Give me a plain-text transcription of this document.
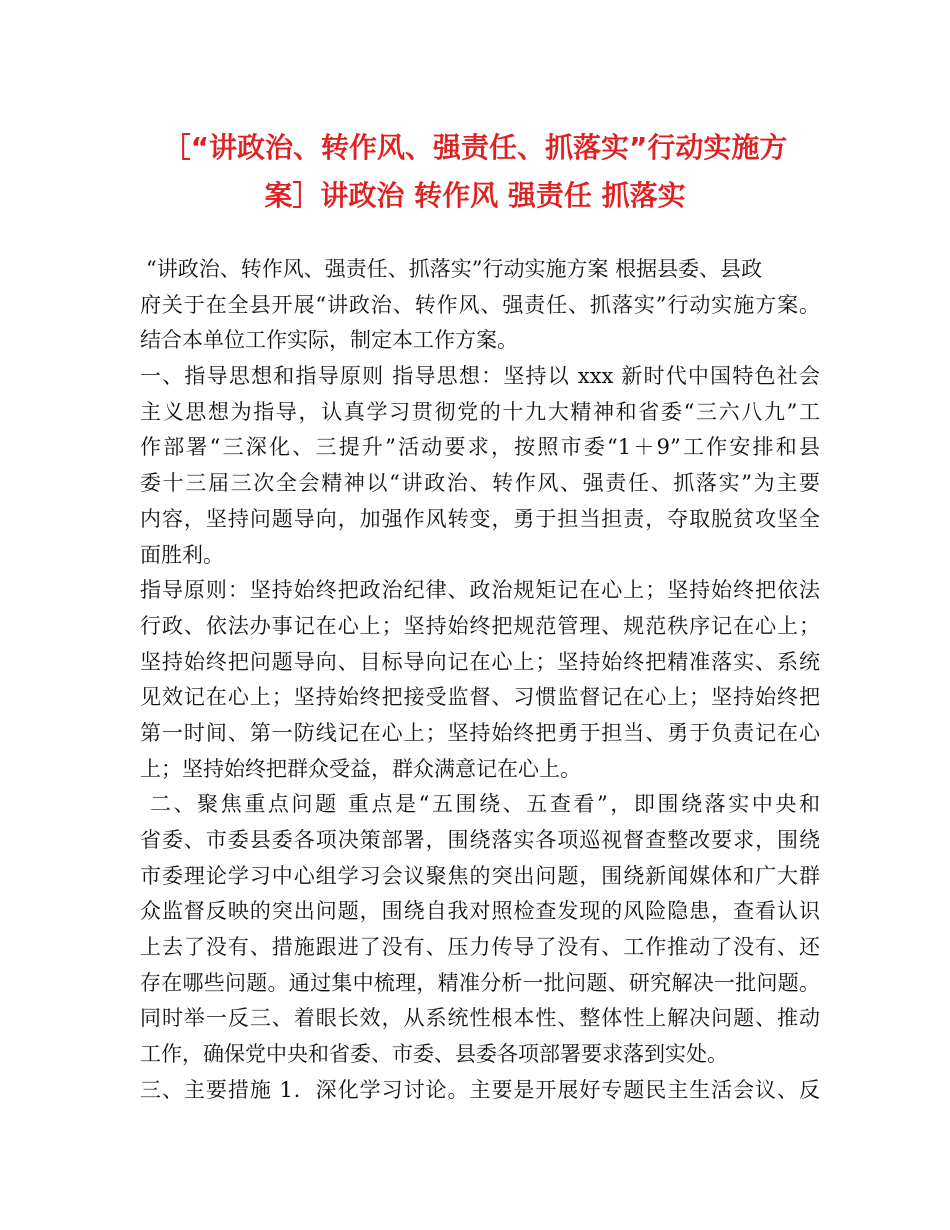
［“讲政治、转作风、强责任、抓落实”行动实施方
案］讲政治 转作风 强责任 抓落实
“讲政治、转作风、强责任、抓落实”行动实施方案 根据县委、县政
府关于在全县开展“讲政治、转作风、强责任、抓落实”行动实施方案。
结合本单位工作实际，制定本工作方案。
一、指导思想和指导原则 指导思想：坚持以 xxx 新时代中国特色社会
主义思想为指导，认真学习贯彻党的十九大精神和省委“三六八九”工
作部署“三深化、三提升”活动要求，按照市委“1＋9”工作安排和县
委十三届三次全会精神以“讲政治、转作风、强责任、抓落实”为主要
内容，坚持问题导向，加强作风转变，勇于担当担责，夺取脱贫攻坚全
面胜利。
指导原则：坚持始终把政治纪律、政治规矩记在心上；坚持始终把依法
行政、依法办事记在心上；坚持始终把规范管理、规范秩序记在心上；
坚持始终把问题导向、目标导向记在心上；坚持始终把精准落实、系统
见效记在心上；坚持始终把接受监督、习惯监督记在心上；坚持始终把
第一时间、第一防线记在心上；坚持始终把勇于担当、勇于负责记在心
上；坚持始终把群众受益，群众满意记在心上。
二、聚焦重点问题 重点是“五围绕、五查看”，即围绕落实中央和
省委、市委县委各项决策部署，围绕落实各项巡视督查整改要求，围绕
市委理论学习中心组学习会议聚焦的突出问题，围绕新闻媒体和广大群
众监督反映的突出问题，围绕自我对照检查发现的风险隐患，查看认识
上去了没有、措施跟进了没有、压力传导了没有、工作推动了没有、还
存在哪些问题。通过集中梳理，精准分析一批问题、研究解决一批问题。
同时举一反三、着眼长效，从系统性根本性、整体性上解决问题、推动
工作，确保党中央和省委、市委、县委各项部署要求落到实处。
三、主要措施 1．深化学习讨论。主要是开展好专题民主生活会议、反
